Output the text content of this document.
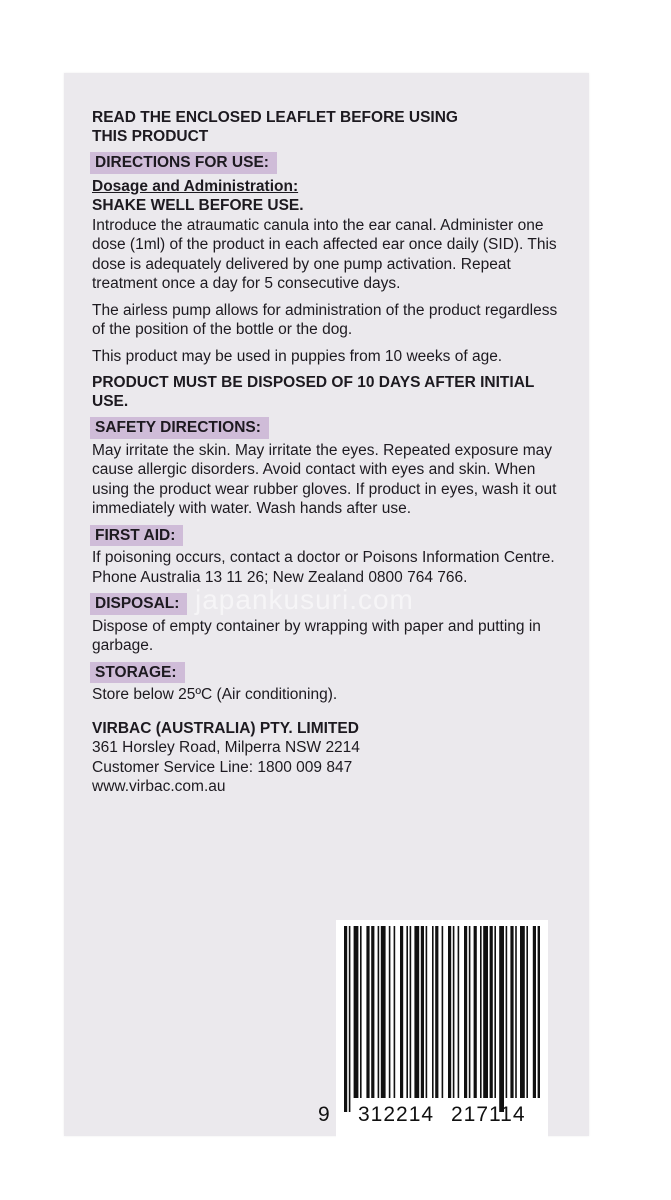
READ THE ENCLOSED LEAFLET BEFORE USING THIS PRODUCT

DIRECTIONS FOR USE:

Dosage and Administration:

SHAKE WELL BEFORE USE.

Introduce the atraumatic canula into the ear canal. Administer one dose (1ml) of the product in each affected ear once daily (SID). This dose is adequately delivered by one pump activation. Repeat treatment once a day for 5 consecutive days.

The airless pump allows for administration of the product regardless of the position of the bottle or the dog.

This product may be used in puppies from 10 weeks of age.

PRODUCT MUST BE DISPOSED OF 10 DAYS AFTER INITIAL USE.

SAFETY DIRECTIONS:

May irritate the skin. May irritate the eyes. Repeated exposure may cause allergic disorders. Avoid contact with eyes and skin. When using the product wear rubber gloves. If product in eyes, wash it out immediately with water. Wash hands after use.

FIRST AID:

If poisoning occurs, contact a doctor or Poisons Information Centre. Phone Australia 13 11 26; New Zealand 0800 764 766.

DISPOSAL:

Dispose of empty container by wrapping with paper and putting in garbage.

STORAGE:

Store below 25ºC (Air conditioning).

VIRBAC (AUSTRALIA) PTY. LIMITED

361 Horsley Road, Milperra NSW 2214

Customer Service Line: 1800 009 847

www.virbac.com.au

japankusuri.com
9 312214 217114
